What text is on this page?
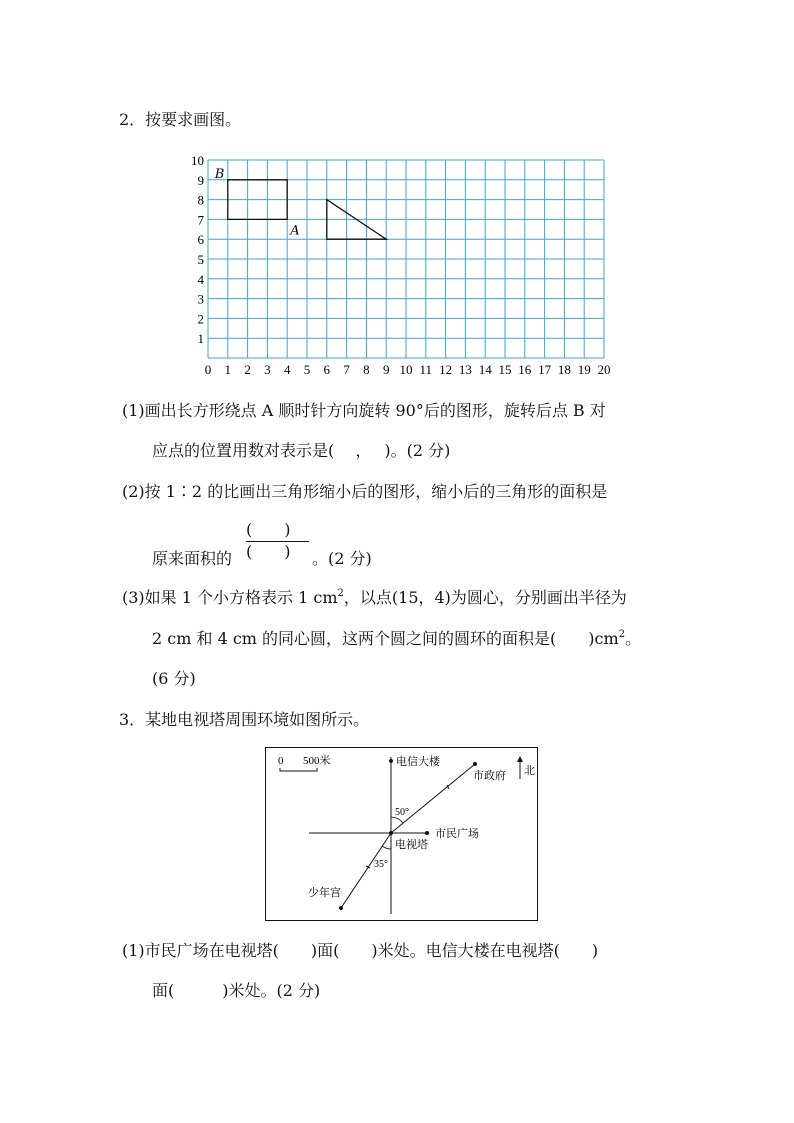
2．按要求画图。
0 1 2 3 4 5 6 7 8 9 10 11 12 13 14 15 16 17 18 19 20
1
2
3
4
5
6
7
8
9
10
B
A
(1)画出长方形绕点 A 顺时针方向旋转 90°后的图形，旋转后点 B 对
应点的位置用数对表示是(　 ，　 )。(2 分)
(2)按 1∶2 的比画出三角形缩小后的图形，缩小后的三角形的面积是
原来面积的
(　　)
(　　) 。(2 分)
(3)如果 1 个小方格表示 1 $cm^2$，以点(15，4)为圆心，分别画出半径为
2 cm 和 4 cm 的同心圆，这两个圆之间的圆环的面积是(　　)$cm^2$。
(6 分)
3．某地电视塔周围环境如图所示。
0 500米
北
50°
35°
电信大楼
市政府
市民广场
电视塔
少年宫
(1)市民广场在电视塔(　　)面(　　)米处。电信大楼在电视塔(　　)
面(　　　)米处。(2 分)
